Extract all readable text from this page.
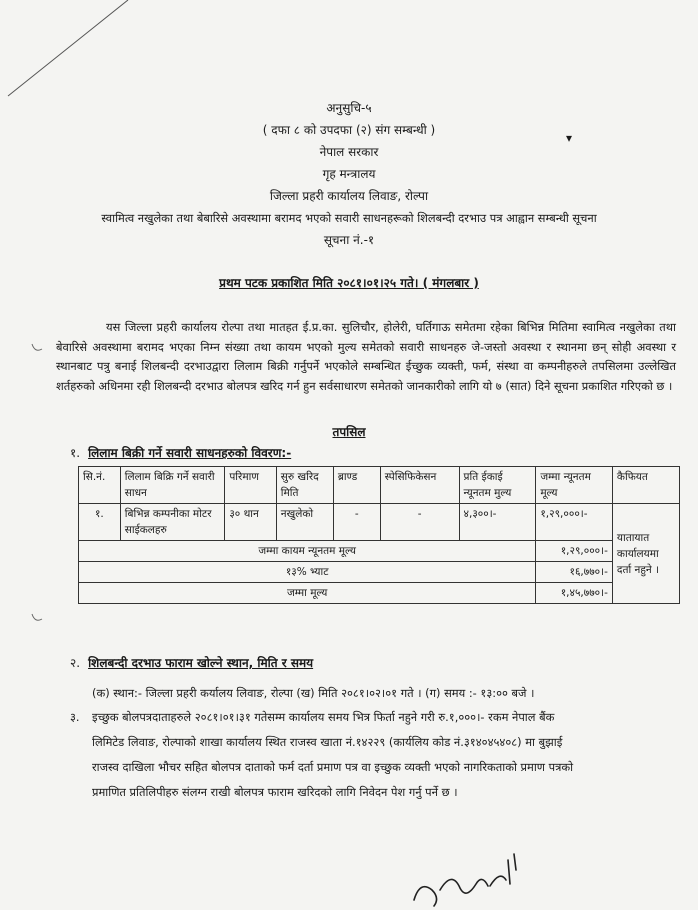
▾
अनुसुचि-५
( दफा ८ को उपदफा (२) संग सम्बन्धी )
नेपाल सरकार
गृह मन्त्रालय
जिल्ला प्रहरी कार्यालय लिवाङ, रोल्पा
स्वामित्व नखुलेका तथा बेबारिसे अवस्थामा बरामद भएको सवारी साधनहरूको शिलबन्दी दरभाउ पत्र आह्वान सम्बन्धी सूचना
सूचना नं.-१
प्रथम पटक प्रकाशित मिति २०८१।०१।२५ गते। ( मंगलबार )

यस जिल्ला प्रहरी कार्यालय रोल्पा तथा मातहत ई.प्र.का. सुलिचौर, होलेरी, घर्तिगाऊ समेतमा रहेका बिभिन्न मितिमा स्वामित्व नखुलेका तथा बेवारिसे अवस्थामा बरामद भएका निम्न संख्या तथा कायम भएको मुल्य समेतको सवारी साधनहरु जे-जस्तो अवस्था र स्थानमा छन् सोही अवस्था र स्थानबाट पत्रु बनाई शिलबन्दी दरभाउद्वारा लिलाम बिक्री गर्नुपर्ने भएकोले सम्बन्धित ईच्छुक व्यक्ती, फर्म, संस्था वा कम्पनीहरुले तपसिलमा उल्लेखित शर्तहरुको अधिनमा रही शिलबन्दी दरभाउ बोलपत्र खरिद गर्न हुन सर्वसाधारण समेतको जानकारीको लागि यो ७ (सात) दिने सूचना प्रकाशित गरिएको छ ।

तपसिल
१. लिलाम बिक्री गर्ने सवारी साधनहरुको विवरण:-
सि.नं.	लिलाम बिक्रि गर्ने सवारी साधन	परिमाण	सुरु खरिद मिति	ब्राण्ड	स्पेसिफिकेसन	प्रति ईकाई न्यूनतम मुल्य	जम्मा न्यूनतम मूल्य	कैफियत
१.	बिभिन्न कम्पनीका मोटर साईकलहरु	३० थान	नखुलेको	-	-	४,३००।-	१,२९,०००।-	यातायात कार्यालयमा दर्ता नहुने ।
जम्मा कायम न्यूनतम मूल्य							१,२९,०००।-	
१३% भ्याट							१६,७७०।-	
जम्मा मूल्य							१,४५,७७०।-	
२. शिलबन्दी दरभाउ फाराम खोल्ने स्थान, मिति र समय
(क) स्थान:- जिल्ला प्रहरी कर्यालय लिवाङ, रोल्पा (ख) मिति २०८१।०२।०१ गते । (ग) समय :- १३:०० बजे ।
३. इच्छुक बोलपत्रदाताहरुले २०८१।०१।३१ गतेसम्म कार्यालय समय भित्र फिर्ता नहुने गरी रु.१,०००।- रकम नेपाल बैंक
लिमिटेड लिवाङ, रोल्पाको शाखा कार्यालय स्थित राजस्व खाता नं.१४२२९ (कार्यलिय कोड नं.३१४०४५४०८) मा बुझाई
राजस्व दाखिला भौचर सहित बोलपत्र दाताको फर्म दर्ता प्रमाण पत्र वा इच्छुक व्यक्ती भएको नागरिकताको प्रमाण पत्रको
प्रमाणित प्रतिलिपीहरु संलग्न राखी बोलपत्र फाराम खरिदको लागि निवेदन पेश गर्नु पर्ने छ ।
